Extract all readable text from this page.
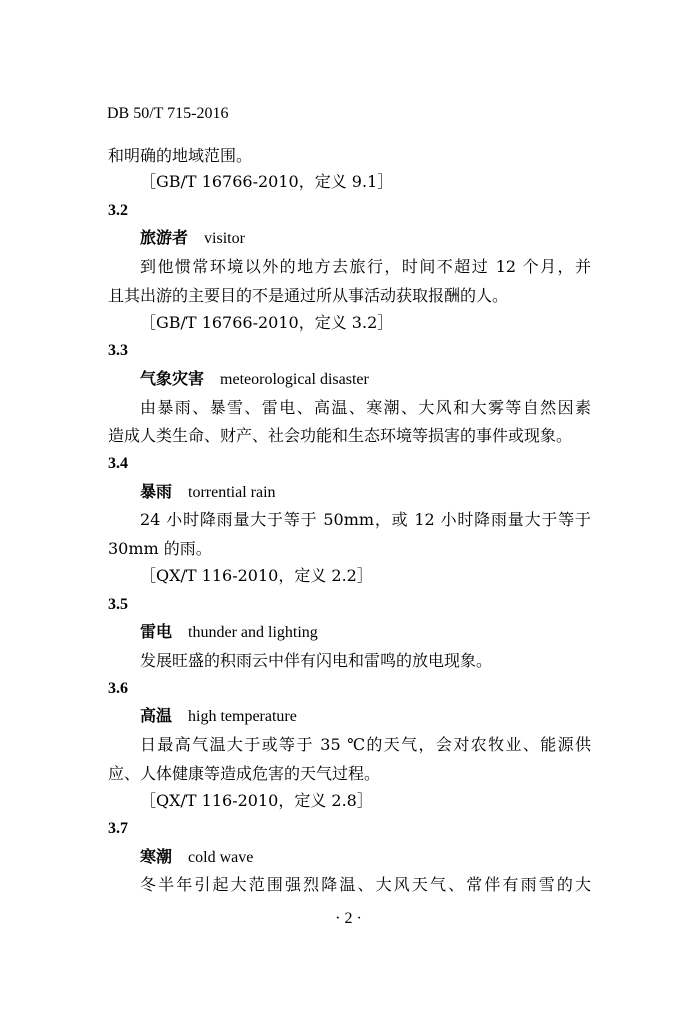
DB 50/T 715-2016
和明确的地域范围。
［GB/T 16766-2010，定义 9.1］
3.2
旅游者 visitor
到他惯常环境以外的地方去旅行，时间不超过 12 个月，并
且其出游的主要目的不是通过所从事活动获取报酬的人。
［GB/T 16766-2010，定义 3.2］
3.3
气象灾害 meteorological disaster
由暴雨、暴雪、雷电、高温、寒潮、大风和大雾等自然因素
造成人类生命、财产、社会功能和生态环境等损害的事件或现象。
3.4
暴雨 torrential rain
24 小时降雨量大于等于 50mm，或 12 小时降雨量大于等于
30mm 的雨。
［QX/T 116-2010，定义 2.2］
3.5
雷电 thunder and lighting
发展旺盛的积雨云中伴有闪电和雷鸣的放电现象。
3.6
高温 high temperature
日最高气温大于或等于 35 ℃的天气，会对农牧业、能源供
应、人体健康等造成危害的天气过程。
［QX/T 116-2010，定义 2.8］
3.7
寒潮 cold wave
冬半年引起大范围强烈降温、大风天气、常伴有雨雪的大
· 2 ·
